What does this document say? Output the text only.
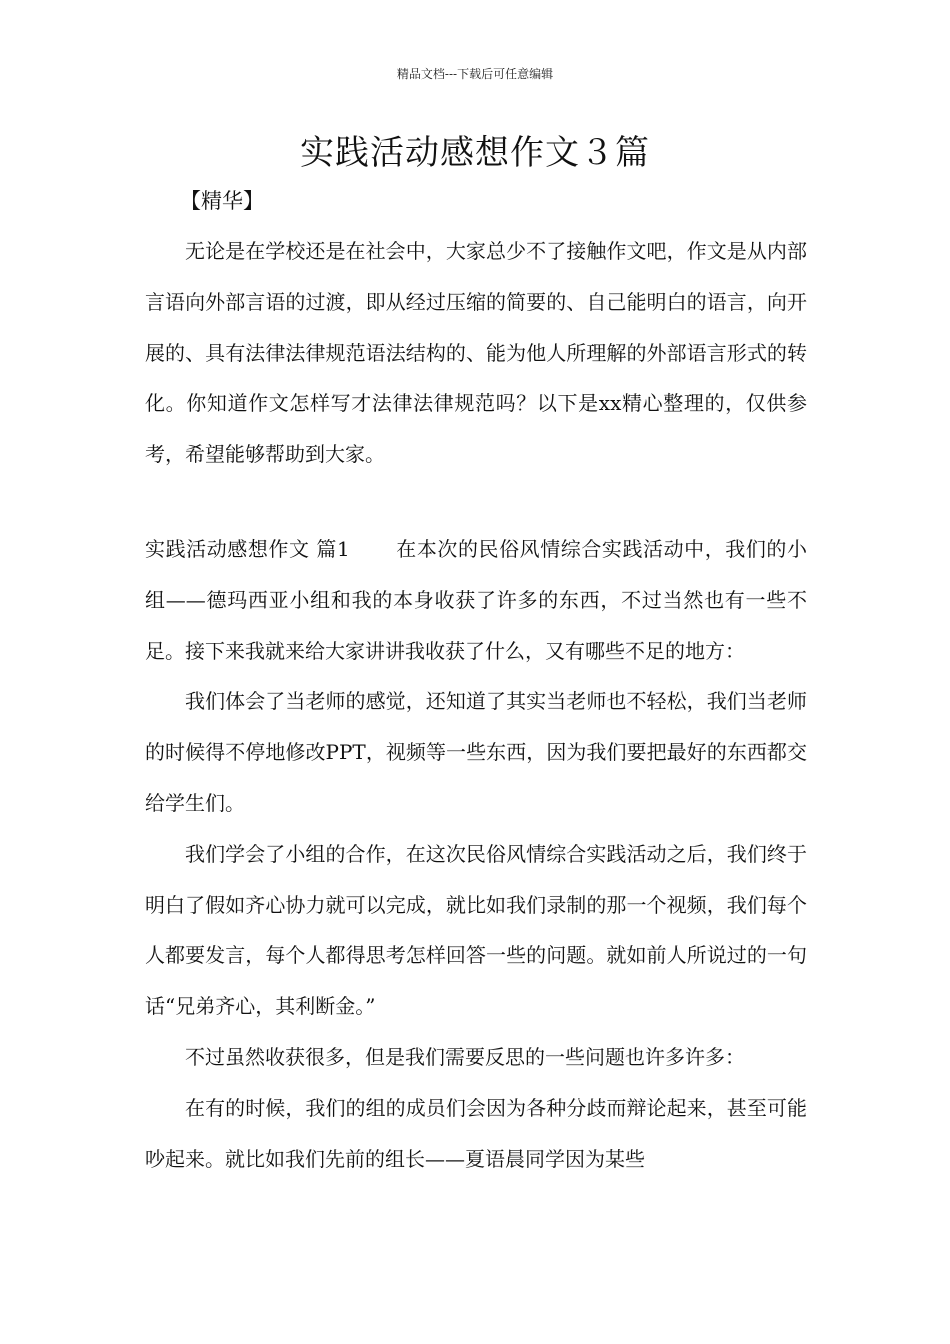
精品文档---下载后可任意编辑
实践活动感想作文３篇
【精华】

无论是在学校还是在社会中，大家总少不了接触作文吧，作文是从内部言语向外部言语的过渡，即从经过压缩的简要的、自己能明白的语言，向开展的、具有法律法律规范语法结构的、能为他人所理解的外部语言形式的转化。你知道作文怎样写才法律法律规范吗？以下是xx精心整理的，仅供参考，希望能够帮助到大家。

实践活动感想作文 篇1 在本次的民俗风情综合实践活动中，我们的小组——德玛西亚小组和我的本身收获了许多的东西，不过当然也有一些不足。接下来我就来给大家讲讲我收获了什么，又有哪些不足的地方：

我们体会了当老师的感觉，还知道了其实当老师也不轻松，我们当老师的时候得不停地修改PPT，视频等一些东西，因为我们要把最好的东西都交给学生们。

我们学会了小组的合作，在这次民俗风情综合实践活动之后，我们终于明白了假如齐心协力就可以完成，就比如我们录制的那一个视频，我们每个人都要发言，每个人都得思考怎样回答一些的问题。就如前人所说过的一句话“兄弟齐心，其利断金。”

不过虽然收获很多，但是我们需要反思的一些问题也许多许多：

在有的时候，我们的组的成员们会因为各种分歧而辩论起来，甚至可能吵起来。就比如我们先前的组长——夏语晨同学因为某些
